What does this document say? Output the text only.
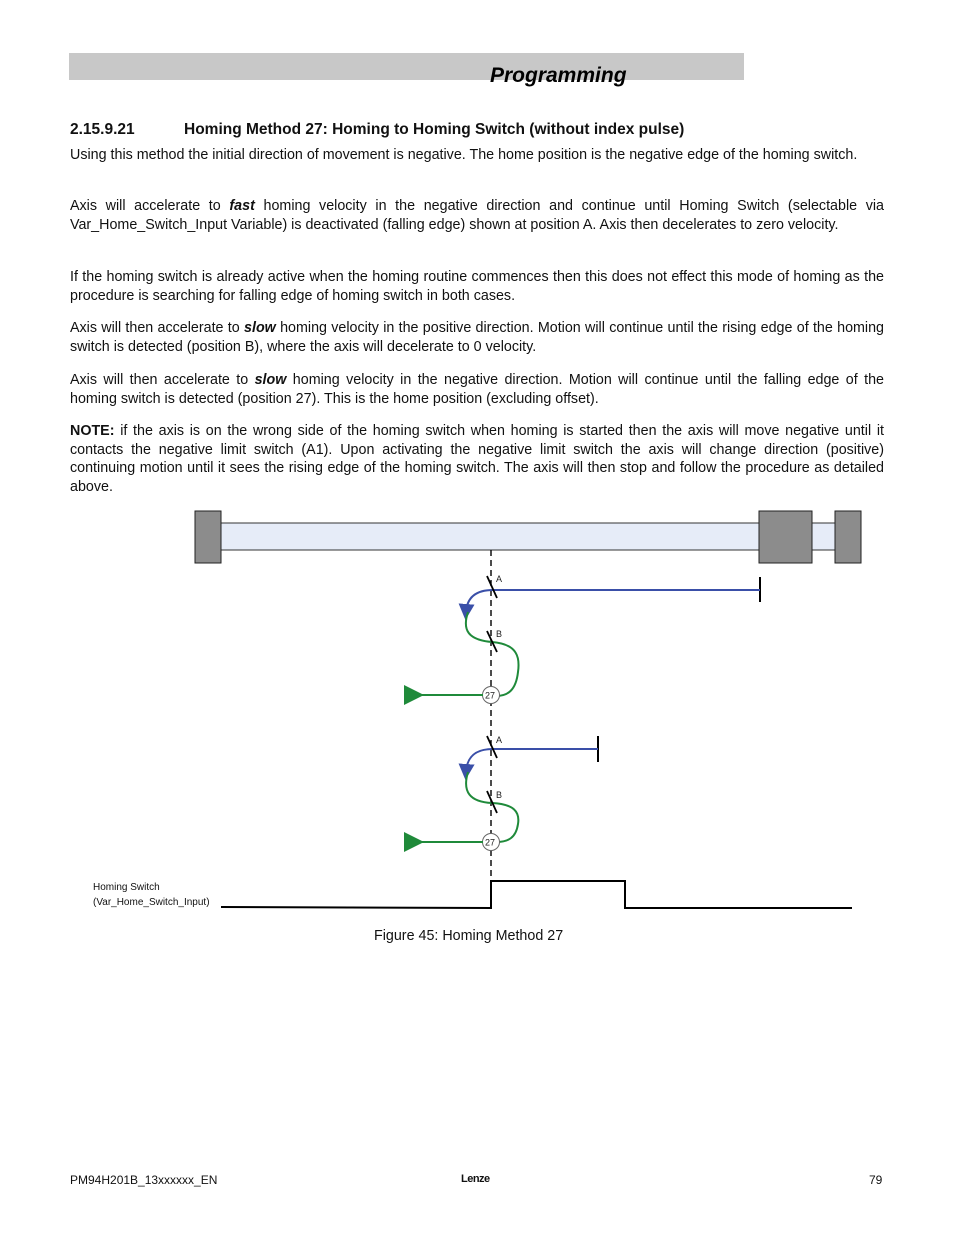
Programming
2.15.9.21	Homing Method 27: Homing to Homing Switch (without index pulse)
Using this method the initial direction of movement is negative. The home position is the negative edge of the homing switch.
Axis will accelerate to fast homing velocity in the negative direction and continue until Homing Switch (selectable via Var_Home_Switch_Input Variable) is deactivated (falling edge) shown at position A. Axis then decelerates to zero velocity.
If the homing switch is already active when the homing routine commences then this does not effect this mode of homing as the procedure is searching for falling edge of homing switch in both cases.
Axis will then accelerate to slow homing velocity in the positive direction. Motion will continue until the rising edge of the homing switch is detected (position B), where the axis will decelerate to 0 velocity.
Axis will then accelerate to slow homing velocity in the negative direction. Motion will continue until the falling edge of the homing switch is detected (position 27). This is the home position (excluding offset).
NOTE: if the axis is on the wrong side of the homing switch when homing is started then the axis will move negative until it contacts the negative limit switch (A1). Upon activating the negative limit switch the axis will change direction (positive) continuing motion until it sees the rising edge of the homing switch. The axis will then stop and follow the procedure as detailed above.
A
B
27
A
B
27
Homing Switch
(Var_Home_Switch_Input)
Figure 45: Homing Method 27
PM94H201B_13xxxxxx_EN	Lenze	79
